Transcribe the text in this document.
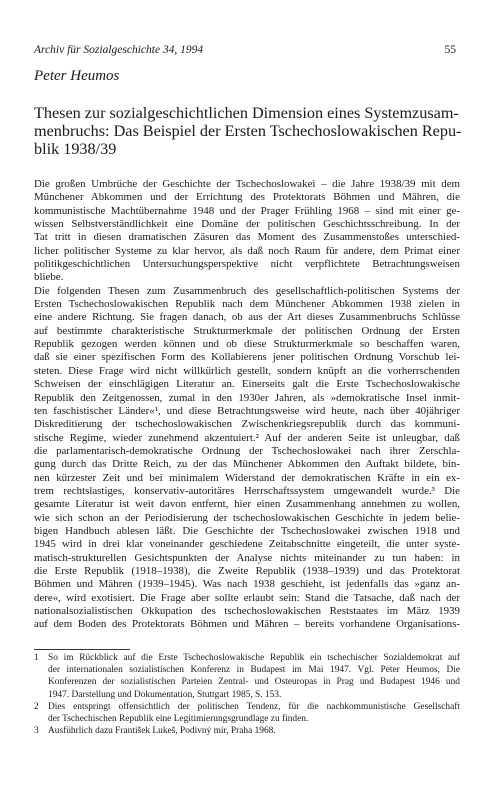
Archiv für Sozialgeschichte 34, 1994	55
Peter Heumos
Thesen zur sozialgeschichtlichen Dimension eines Systemzusam-
menbruchs: Das Beispiel der Ersten Tschechoslowakischen Repu-
blik 1938/39
Die großen Umbrüche der Geschichte der Tschechoslowakei – die Jahre 1938/39 mit dem
Münchener Abkommen und der Errichtung des Protektorats Böhmen und Mähren, die
kommunistische Machtübernahme 1948 und der Prager Frühling 1968 – sind mit einer ge-
wissen Selbstverständlichkeit eine Domäne der politischen Geschichtsschreibung. In der
Tat tritt in diesen dramatischen Zäsuren das Moment des Zusammenstoßes unterschied-
licher politischer Systeme zu klar hervor, als daß noch Raum für andere, dem Primat einer
politikgeschichtlichen Untersuchungsperspektive nicht verpflichtete Betrachtungsweisen
bliebe.
Die folgenden Thesen zum Zusammenbruch des gesellschaftlich-politischen Systems der
Ersten Tschechoslowakischen Republik nach dem Münchener Abkommen 1938 zielen in
eine andere Richtung. Sie fragen danach, ob aus der Art dieses Zusammenbruchs Schlüsse
auf bestimmte charakteristische Strukturmerkmale der politischen Ordnung der Ersten
Republik gezogen werden können und ob diese Strukturmerkmale so beschaffen waren,
daß sie einer spezifischen Form des Kollabierens jener politischen Ordnung Vorschub lei-
steten. Diese Frage wird nicht willkürlich gestellt, sondern knüpft an die vorherrschenden
Schweisen der einschlägigen Literatur an. Einerseits galt die Erste Tschechoslowakische
Republik den Zeitgenossen, zumal in den 1930er Jahren, als »demokratische Insel inmit-
ten faschistischer Länder«¹, und diese Betrachtungsweise wird heute, nach über 40jähriger
Diskreditierung der tschechoslowakischen Zwischenkriegsrepublik durch das kommuni-
stische Regime, wieder zunehmend akzentuiert.² Auf der anderen Seite ist unleugbar, daß
die parlamentarisch-demokratische Ordnung der Tschechoslowakei nach ihrer Zerschla-
gung durch das Dritte Reich, zu der das Münchener Abkommen den Auftakt bildete, bin-
nen kürzester Zeit und bei minimalem Widerstand der demokratischen Kräfte in ein ex-
trem rechtslastiges, konservativ-autoritäres Herrschaftssystem umgewandelt wurde.³ Die
gesamte Literatur ist weit davon entfernt, hier einen Zusammenhang annehmen zu wollen,
wie sich schon an der Periodisierung der tschechoslowakischen Geschichte in jedem belie-
bigen Handbuch ablesen läßt. Die Geschichte der Tschechoslowakei zwischen 1918 und
1945 wird in drei klar voneinander geschiedene Zeitabschnitte eingeteilt, die unter syste-
matisch-strukturellen Gesichtspunkten der Analyse nichts miteinander zu tun haben: in
die Erste Republik (1918–1938), die Zweite Republik (1938–1939) und das Protektorat
Böhmen und Mähren (1939–1945). Was nach 1938 geschieht, ist jedenfalls das »ganz an-
dere«, wird exotisiert. Die Frage aber sollte erlaubt sein: Stand die Tatsache, daß nach der
nationalsozialistischen Okkupation des tschechoslowakischen Reststaates im März 1939
auf dem Boden des Protektorats Böhmen und Mähren – bereits vorhandene Organisations-
1 So im Rückblick auf die Erste Tschechoslowakische Republik ein tschechischer Sozialdemokrat auf
der internationalen sozialistischen Konferenz in Budapest im Mai 1947. Vgl. Peter Heumos, Die
Konferenzen der sozialistischen Parteien Zentral- und Osteuropas in Prag und Budapest 1946 und
1947. Darstellung und Dokumentation, Stuttgart 1985, S. 153.
2 Dies entspringt offensichtlich der politischen Tendenz, für die nachkommunistische Gesellschaft
der Tschechischen Republik eine Legitimierungsgrundlage zu finden.
3 Ausführlich dazu František Lukeš, Podivný mír, Praha 1968.
